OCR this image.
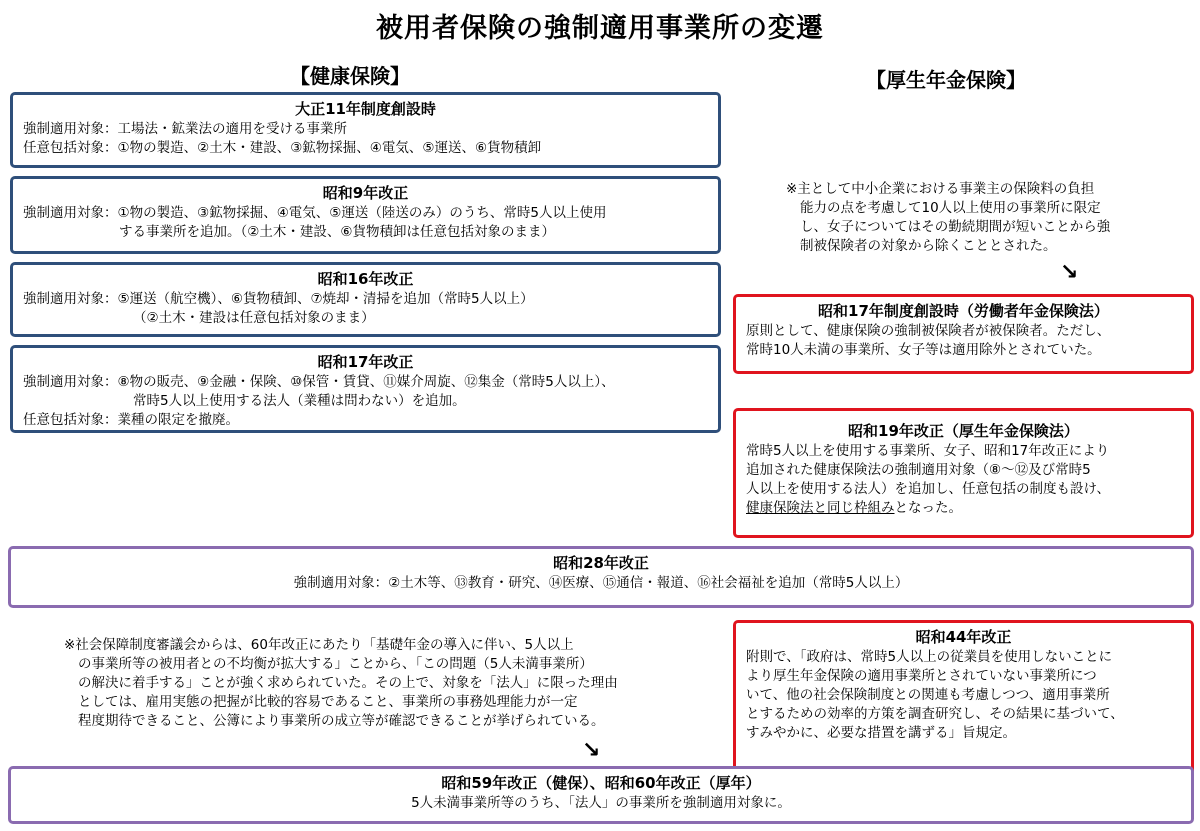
被用者保険の強制適用事業所の変遷
【健康保険】	【厚生年金保険】
大正11年制度創設時
強制適用対象：工場法・鉱業法の適用を受ける事業所
任意包括対象：①物の製造、②土木・建設、③鉱物採掘、④電気、⑤運送、⑥貨物積卸
昭和9年改正
強制適用対象：①物の製造、③鉱物採掘、④電気、⑤運送（陸送のみ）のうち、常時5人以上使用
する事業所を追加。（②土木・建設、⑥貨物積卸は任意包括対象のまま）
昭和16年改正
強制適用対象：⑤運送（航空機）、⑥貨物積卸、⑦焼却・清掃を追加（常時5人以上）
（②土木・建設は任意包括対象のまま）
昭和17年改正
強制適用対象：⑧物の販売、⑨金融・保険、⑩保管・賃貸、⑪媒介周旋、⑫集金（常時5人以上）、
常時5人以上使用する法人（業種は問わない）を追加。
任意包括対象：業種の限定を撤廃。
※主として中小企業における事業主の保険料の負担
能力の点を考慮して10人以上使用の事業所に限定
し、女子についてはその勤続期間が短いことから強
制被保険者の対象から除くこととされた。
↘
昭和17年制度創設時（労働者年金保険法）
原則として、健康保険の強制被保険者が被保険者。ただし、
常時10人未満の事業所、女子等は適用除外とされていた。
昭和19年改正（厚生年金保険法）
常時5人以上を使用する事業所、女子、昭和17年改正により
追加された健康保険法の強制適用対象（⑧～⑫及び常時5
人以上を使用する法人）を追加し、任意包括の制度も設け、
健康保険法と同じ枠組みとなった。
昭和28年改正
強制適用対象：②土木等、⑬教育・研究、⑭医療、⑮通信・報道、⑯社会福祉を追加（常時5人以上）
※社会保障制度審議会からは、60年改正にあたり「基礎年金の導入に伴い、5人以上
の事業所等の被用者との不均衡が拡大する」ことから、「この問題（5人未満事業所）
の解決に着手する」ことが強く求められていた。その上で、対象を「法人」に限った理由
としては、雇用実態の把握が比較的容易であること、事業所の事務処理能力が一定
程度期待できること、公簿により事業所の成立等が確認できることが挙げられている。
↘
昭和44年改正
附則で、「政府は、常時5人以上の従業員を使用しないことに
より厚生年金保険の適用事業所とされていない事業所につ
いて、他の社会保険制度との関連も考慮しつつ、適用事業所
とするための効率的方策を調査研究し、その結果に基づいて、
すみやかに、必要な措置を講ずる」旨規定。
昭和59年改正（健保）、昭和60年改正（厚年）
5人未満事業所等のうち、「法人」の事業所を強制適用対象に。
